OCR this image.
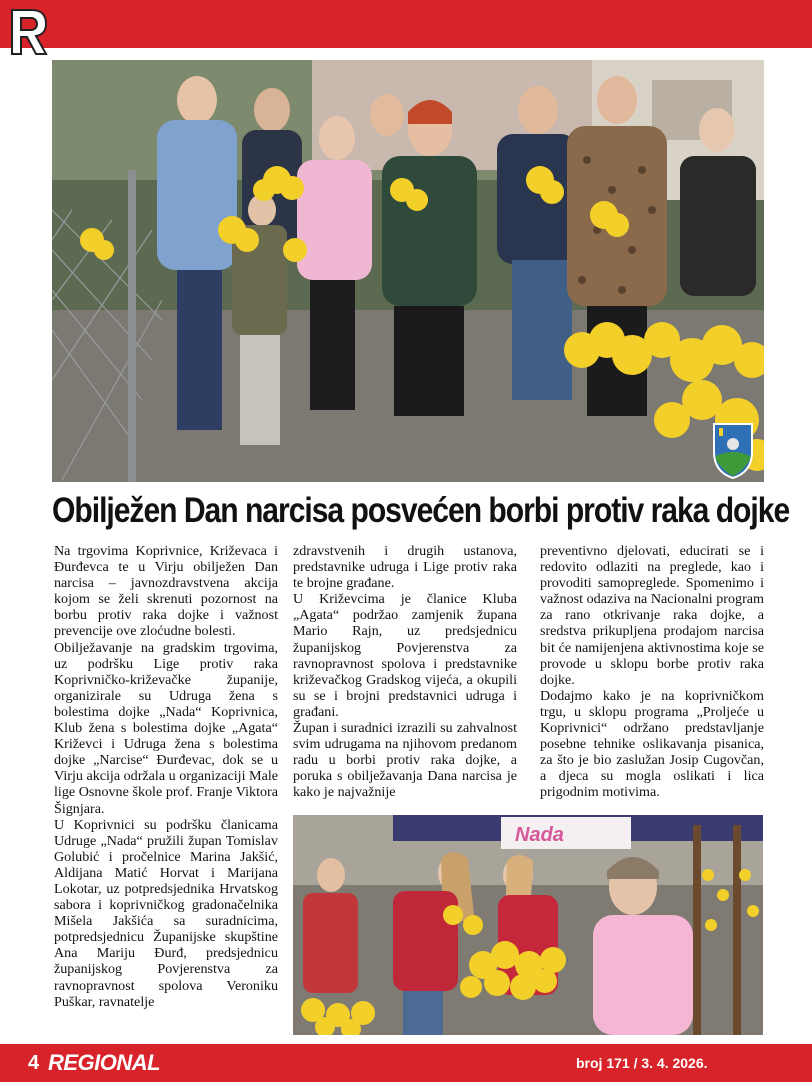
Obilježen Dan narcisa posvećen borbi protiv raka dojke

Na trgovima Koprivnice, Križevaca i Đurđevca te u Virju obilježen Dan narcisa – javnozdravstvena akcija kojom se želi skrenuti pozornost na borbu protiv raka dojke i važnost prevencije ove zloćudne bolesti.

Obilježavanje na gradskim trgovima, uz podršku Lige protiv raka Koprivničko-križevačke županije, organizirale su Udruga žena s bolestima dojke „Nada“ Koprivnica, Klub žena s bolestima dojke „Agata“ Križevci i Udruga žena s bolestima dojke „Narcise“ Đurđevac, dok se u Virju akcija održala u organizaciji Male lige Osnovne škole prof. Franje Viktora Šignjara.

U Koprivnici su podršku članicama Udruge „Nada“ pružili župan Tomislav Golubić i pročelnice Marina Jakšić, Aldijana Matić Horvat i Marijana Lokotar, uz potpredsjednika Hrvatskog sabora i koprivničkog gradonačelnika Mišela Jakšića sa suradnicima, potpredsjednicu Županijske skupštine Ana Mariju Đurđ, predsjednicu županijskog Povjerenstva za ravnopravnost spolova Veroniku Puškar, ravnatelje

zdravstvenih i drugih ustanova, predstavnike udruga i Lige protiv raka te brojne građane.

U Križevcima je članice Kluba „Agata“ podržao zamjenik župana Mario Rajn, uz predsjednicu županijskog Povjerenstva za ravnopravnost spolova i predstavnike križevačkog Gradskog vijeća, a okupili su se i brojni predstavnici udruga i građani.

Župan i suradnici izrazili su zahvalnost svim udrugama na njihovom predanom radu u borbi protiv raka dojke, a poruka s obilježavanja Dana narcisa je kako je najvažnije

preventivno djelovati, educirati se i redovito odlaziti na preglede, kao i provoditi samopreglede. Spomenimo i važnost odaziva na Nacionalni program za rano otkrivanje raka dojke, a sredstva prikupljena prodajom narcisa bit će namijenjena aktivnostima koje se provode u sklopu borbe protiv raka dojke.

Dodajmo kako je na koprivničkom trgu, u sklopu programa „Proljeće u Koprivnici“ održano predstavljanje posebne tehnike oslikavanja pisanica, za što je bio zaslužan Josip Cugovčan, a djeca su mogla oslikati i lica prigodnim motivima.

Nada
4 REGIONAL	broj 171 / 3. 4. 2026.
